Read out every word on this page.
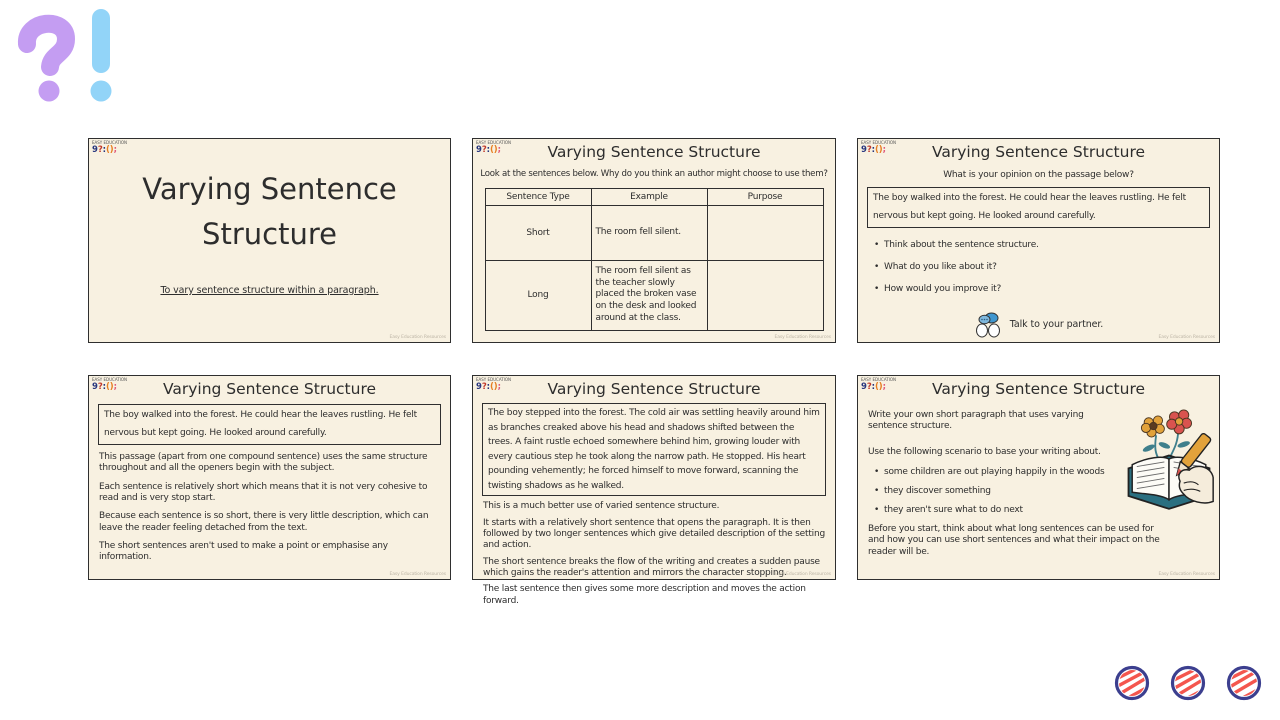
EASY EDUCATION
9?:();
Varying Sentence Structure

To vary sentence structure within a paragraph.

Easy Education Resources
EASY EDUCATION
9?:();	Varying Sentence Structure

Look at the sentences below. Why do you think an author might choose to use them?

Sentence Type	Example	Purpose
Short	The room fell silent.	
Long	The room fell silent as the teacher slowly placed the broken vase on the desk and looked around at the class.	
Easy Education Resources
EASY EDUCATION
9?:();	Varying Sentence Structure

What is your opinion on the passage below?

The boy walked into the forest. He could hear the leaves rustling. He felt nervous but kept going. He looked around carefully.
• Think about the sentence structure.
• What do you like about it?
• How would you improve it?
Talk to your partner.
Easy Education Resources
EASY EDUCATION
9?:();	Varying Sentence Structure
The boy walked into the forest. He could hear the leaves rustling. He felt nervous but kept going. He looked around carefully.

This passage (apart from one compound sentence) uses the same structure throughout and all the openers begin with the subject.

Each sentence is relatively short which means that it is not very cohesive to read and is very stop start.

Because each sentence is so short, there is very little description, which can leave the reader feeling detached from the text.

The short sentences aren't used to make a point or emphasise any information.

Easy Education Resources
EASY EDUCATION
9?:();	Varying Sentence Structure
The boy stepped into the forest. The cold air was settling heavily around him as branches creaked above his head and shadows shifted between the trees. A faint rustle echoed somewhere behind him, growing louder with every cautious step he took along the narrow path. He stopped. His heart pounding vehemently; he forced himself to move forward, scanning the twisting shadows as he walked.

This is a much better use of varied sentence structure.

It starts with a relatively short sentence that opens the paragraph. It is then followed by two longer sentences which give detailed description of the setting and action.

The short sentence breaks the flow of the writing and creates a sudden pause which gains the reader's attention and mirrors the character stopping.

The last sentence then gives some more description and moves the action forward.

Easy Education Resources
EASY EDUCATION
9?:();	Varying Sentence Structure

Write your own short paragraph that uses varying sentence structure.

Use the following scenario to base your writing about.

• some children are out playing happily in the woods
• they discover something
• they aren't sure what to do next

Before you start, think about what long sentences can be used for and how you can use short sentences and what their impact on the reader will be.

Easy Education Resources
